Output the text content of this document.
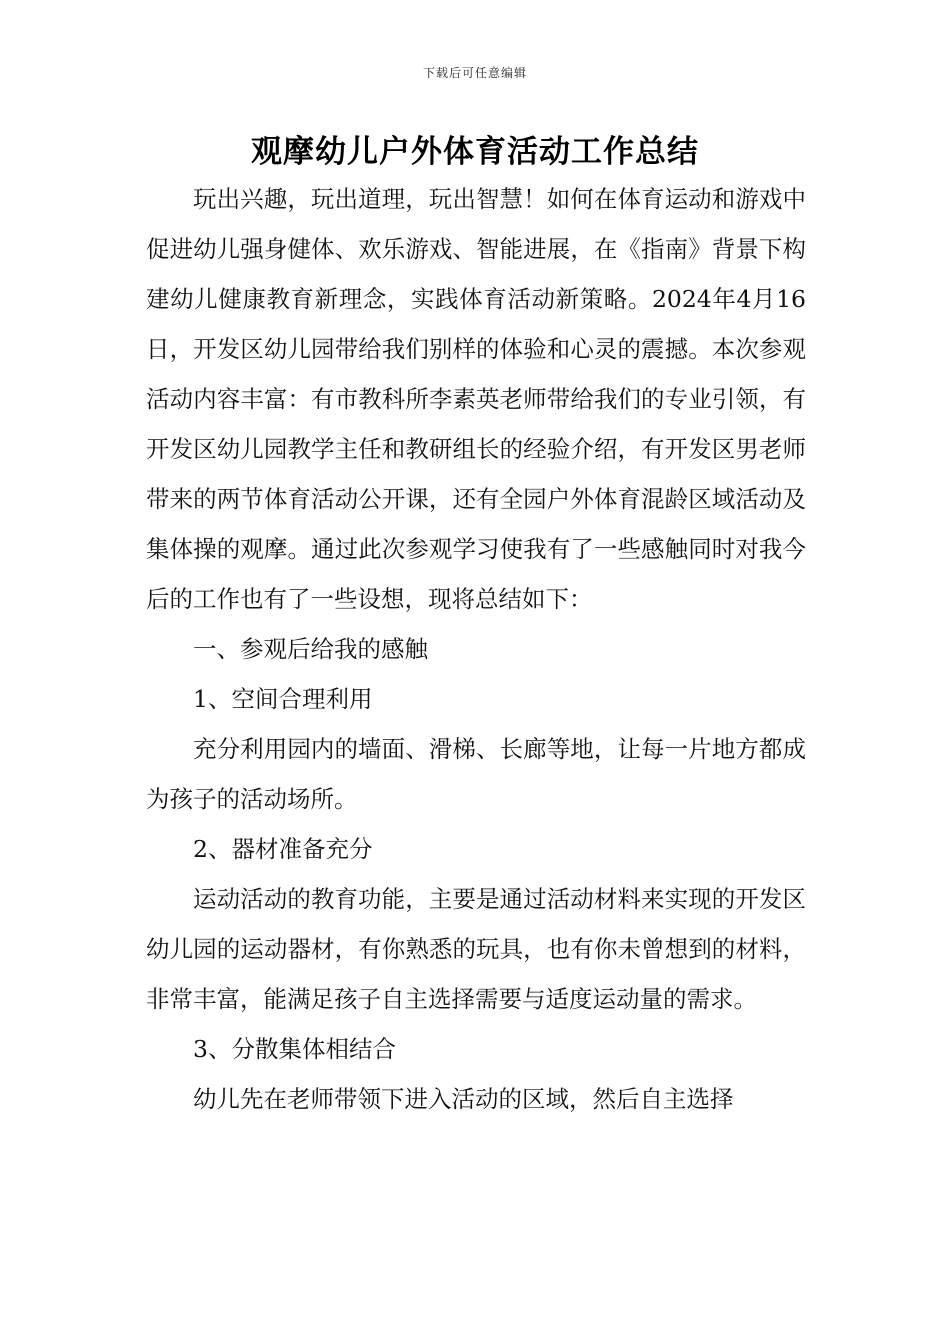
下载后可任意编辑
观摩幼儿户外体育活动工作总结

玩出兴趣，玩出道理，玩出智慧！如何在体育运动和游戏中促进幼儿强身健体、欢乐游戏、智能进展，在《指南》背景下构建幼儿健康教育新理念，实践体育活动新策略。2024年4月16日，开发区幼儿园带给我们别样的体验和心灵的震撼。本次参观活动内容丰富：有市教科所李素英老师带给我们的专业引领，有开发区幼儿园教学主任和教研组长的经验介绍，有开发区男老师带来的两节体育活动公开课，还有全园户外体育混龄区域活动及集体操的观摩。通过此次参观学习使我有了一些感触同时对我今后的工作也有了一些设想，现将总结如下：

一、参观后给我的感触

1、空间合理利用

充分利用园内的墙面、滑梯、长廊等地，让每一片地方都成为孩子的活动场所。

2、器材准备充分

运动活动的教育功能，主要是通过活动材料来实现的开发区幼儿园的运动器材，有你熟悉的玩具，也有你未曾想到的材料，非常丰富，能满足孩子自主选择需要与适度运动量的需求。

3、分散集体相结合

幼儿先在老师带领下进入活动的区域，然后自主选择
